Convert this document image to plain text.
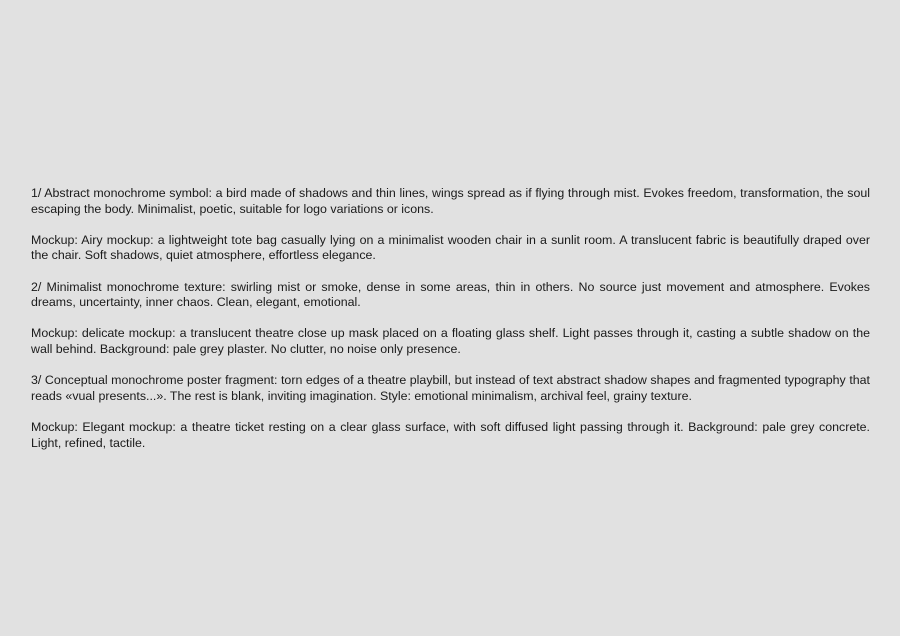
1/ Abstract monochrome symbol: a bird made of shadows and thin lines, wings spread as if flying through mist. Evokes freedom, transformation, the soul escaping the body. Minimalist, poetic, suitable for logo variations or icons.

Mockup: Airy mockup: a lightweight tote bag casually lying on a minimalist wooden chair in a sunlit room. A translucent fabric is beautifully draped over the chair. Soft shadows, quiet atmosphere, effortless elegance.

2/ Minimalist monochrome texture: swirling mist or smoke, dense in some areas, thin in others. No source just movement and atmosphere. Evokes dreams, uncertainty, inner chaos. Clean, elegant, emotional.

Mockup: delicate mockup: a translucent theatre close up mask placed on a floating glass shelf. Light passes through it, casting a subtle shadow on the wall behind. Background: pale grey plaster. No clutter, no noise only presence.

3/ Conceptual monochrome poster fragment: torn edges of a theatre playbill, but instead of text abstract shadow shapes and fragmented typography that reads «vual presents...». The rest is blank, inviting imagination. Style: emotional minimalism, archival feel, grainy texture.

Mockup: Elegant mockup: a theatre ticket resting on a clear glass surface, with soft diffused light passing through it. Background: pale grey concrete. Light, refined, tactile.
